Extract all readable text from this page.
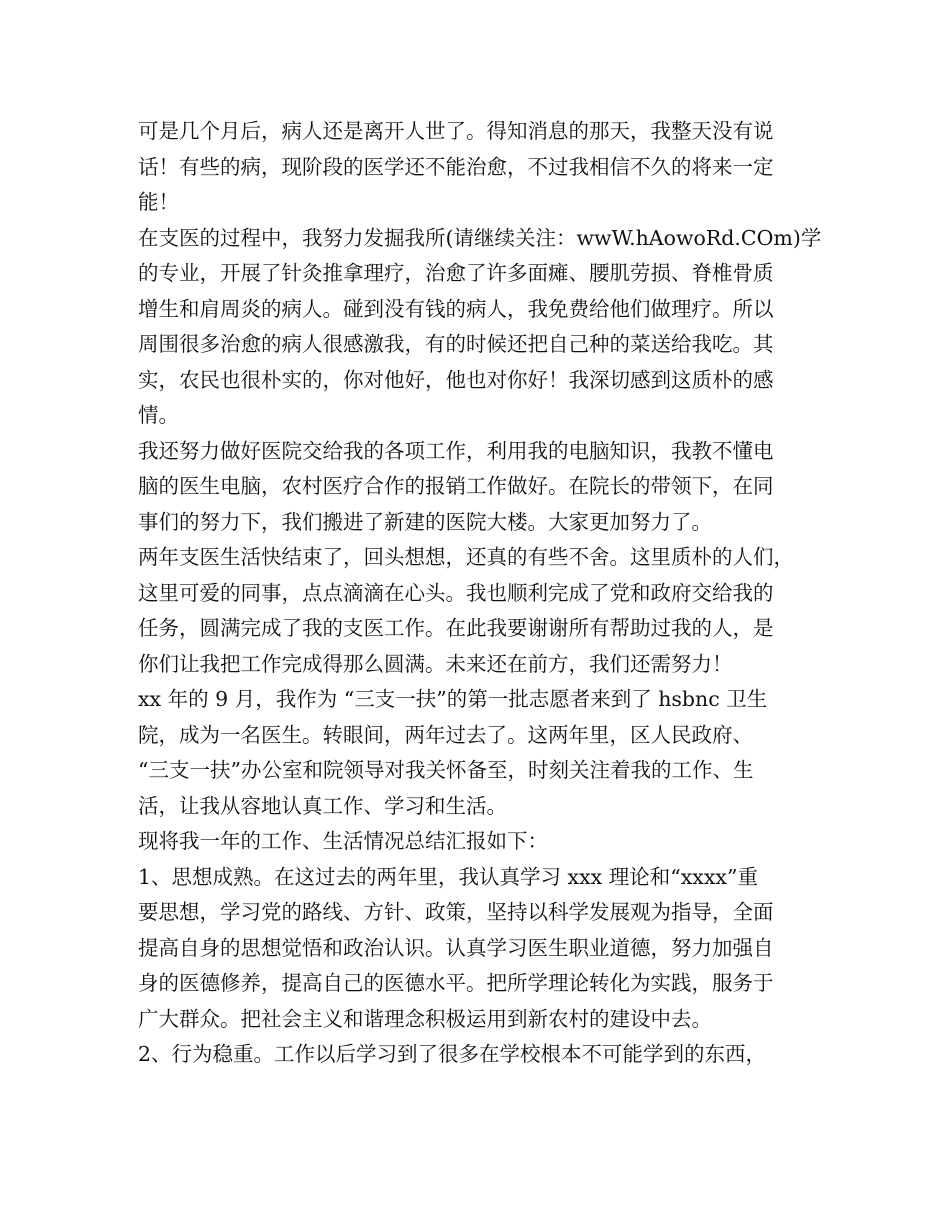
可是几个月后，病人还是离开人世了。得知消息的那天，我整天没有说
话！有些的病，现阶段的医学还不能治愈，不过我相信不久的将来一定
能！
在支医的过程中，我努力发掘我所(请继续关注：wwW.hAowoRd.COm)学
的专业，开展了针灸推拿理疗，治愈了许多面瘫、腰肌劳损、脊椎骨质
增生和肩周炎的病人。碰到没有钱的病人，我免费给他们做理疗。所以
周围很多治愈的病人很感激我，有的时候还把自己种的菜送给我吃。其
实，农民也很朴实的，你对他好，他也对你好！我深切感到这质朴的感
情。
我还努力做好医院交给我的各项工作，利用我的电脑知识，我教不懂电
脑的医生电脑，农村医疗合作的报销工作做好。在院长的带领下，在同
事们的努力下，我们搬进了新建的医院大楼。大家更加努力了。
两年支医生活快结束了，回头想想，还真的有些不舍。这里质朴的人们，
这里可爱的同事，点点滴滴在心头。我也顺利完成了党和政府交给我的
任务，圆满完成了我的支医工作。在此我要谢谢所有帮助过我的人，是
你们让我把工作完成得那么圆满。未来还在前方，我们还需努力！
xx 年的 9 月，我作为 “三支一扶”的第一批志愿者来到了 hsbnc 卫生
院，成为一名医生。转眼间，两年过去了。这两年里，区人民政府、
“三支一扶”办公室和院领导对我关怀备至，时刻关注着我的工作、生
活，让我从容地认真工作、学习和生活。
现将我一年的工作、生活情况总结汇报如下：
1、思想成熟。在这过去的两年里，我认真学习 xxx 理论和“xxxx”重
要思想，学习党的路线、方针、政策，坚持以科学发展观为指导，全面
提高自身的思想觉悟和政治认识。认真学习医生职业道德，努力加强自
身的医德修养，提高自己的医德水平。把所学理论转化为实践，服务于
广大群众。把社会主义和谐理念积极运用到新农村的建设中去。
2、行为稳重。工作以后学习到了很多在学校根本不可能学到的东西，
